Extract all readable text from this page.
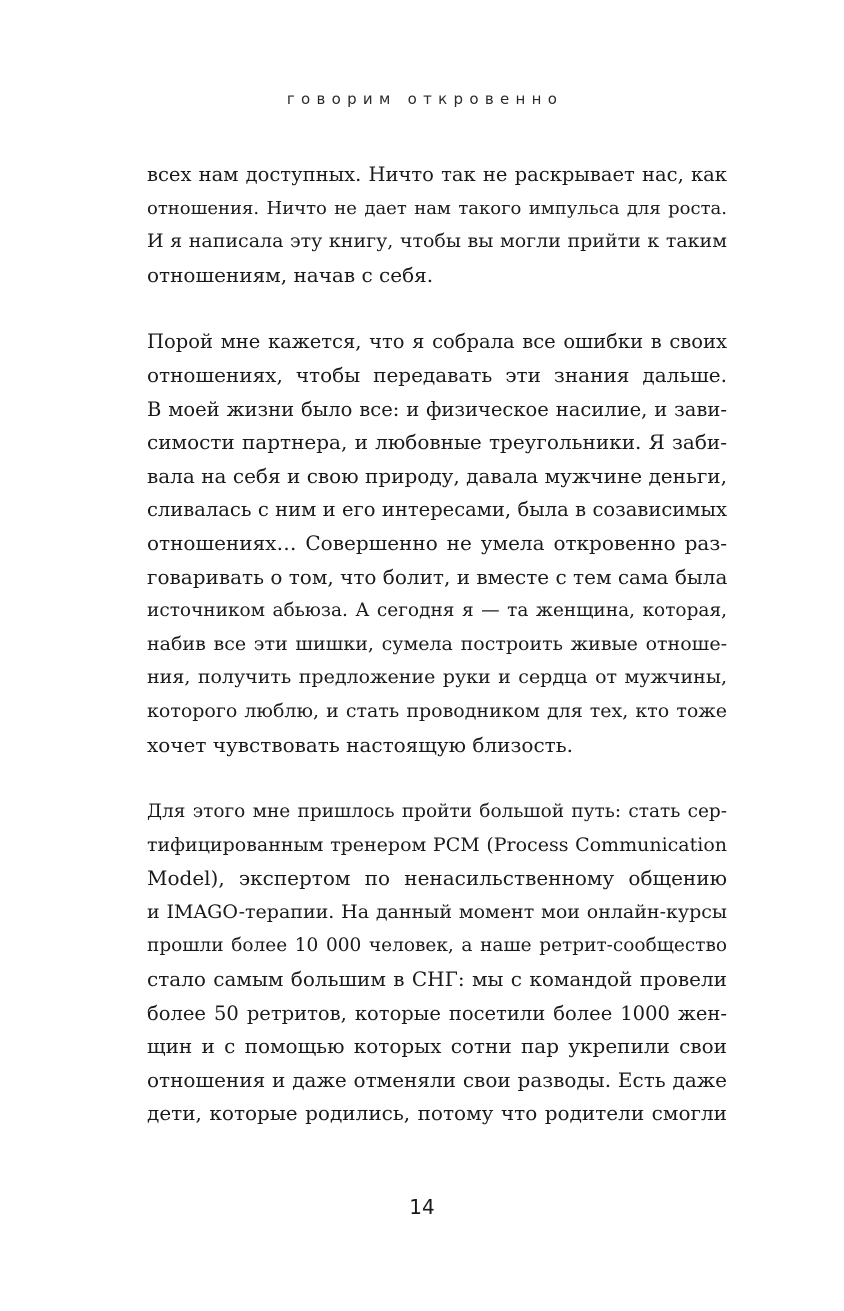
говорим откровенно
всех нам доступных. Ничто так не раскрывает нас, как
отношения. Ничто не дает нам такого импульса для роста.
И я написала эту книгу, чтобы вы могли прийти к таким
отношениям, начав с себя.
Порой мне кажется, что я собрала все ошибки в своих
отношениях, чтобы передавать эти знания дальше.
В моей жизни было все: и физическое насилие, и зави-
симости партнера, и любовные треугольники. Я заби-
вала на себя и свою природу, давала мужчине деньги,
сливалась с ним и его интересами, была в созависимых
отношениях… Совершенно не умела откровенно раз-
говаривать о том, что болит, и вместе с тем сама была
источником абьюза. А сегодня я — та женщина, которая,
набив все эти шишки, сумела построить живые отноше-
ния, получить предложение руки и сердца от мужчины,
которого люблю, и стать проводником для тех, кто тоже
хочет чувствовать настоящую близость.
Для этого мне пришлось пройти большой путь: стать сер-
тифицированным тренером PCM (Process Communication
Model), экспертом по ненасильственному общению
и IMAGO-терапии. На данный момент мои онлайн-курсы
прошли более 10 000 человек, а наше ретрит-сообщество
стало самым большим в СНГ: мы с командой провели
более 50 ретритов, которые посетили более 1000 жен-
щин и с помощью которых сотни пар укрепили свои
отношения и даже отменяли свои разводы. Есть даже
дети, которые родились, потому что родители смогли
14
